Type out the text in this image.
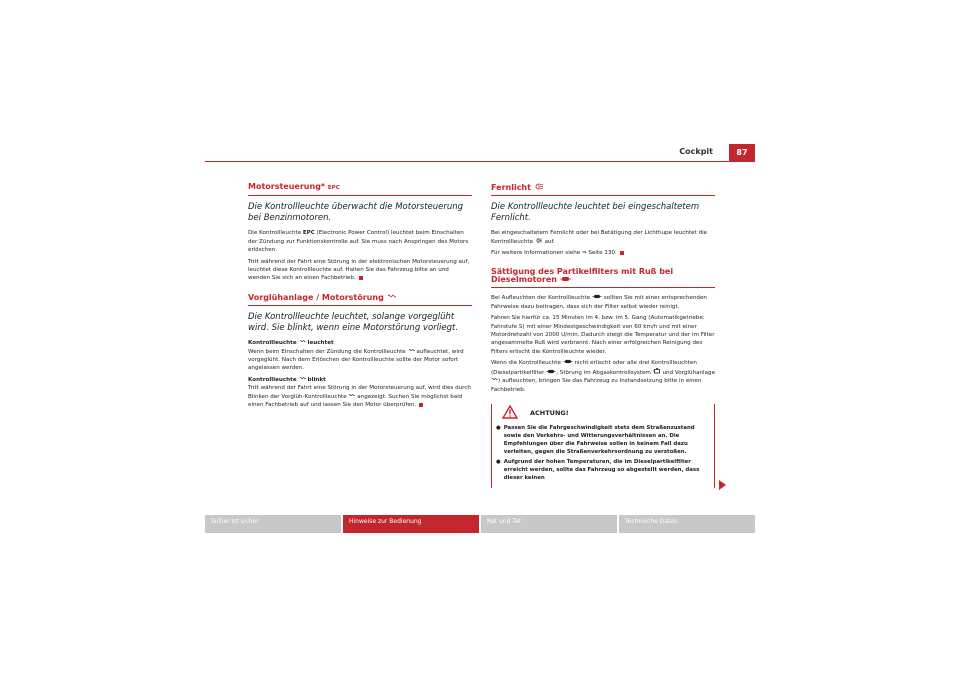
Cockpit	87
Motorsteuerung* EPC
Die Kontrollleuchte überwacht die Motorsteuerung bei Benzinmotoren.

Die Kontrollleuchte EPC (Electronic Power Control) leuchtet beim Einschalten der Zündung zur Funktionskontrolle auf. Sie muss nach Anspringen des Motors erlöschen.

Tritt während der Fahrt eine Störung in der elektronischen Motorsteuerung auf, leuchtet diese Kontrollleuchte auf. Halten Sie das Fahrzeug bitte an und wenden Sie sich an einen Fachbetrieb.

Vorglühanlage / Motorstörung
Die Kontrollleuchte leuchtet, solange vorgeglüht wird. Sie blinkt, wenn eine Motorstörung vorliegt.

Kontrollleuchte leuchtet

Wenn beim Einschalten der Zündung die Kontrollleuchte aufleuchtet, wird vorgeglüht. Nach dem Erlöschen der Kontrollleuchte sollte der Motor sofort angelassen werden.

Kontrollleuchte blinkt

Tritt während der Fahrt eine Störung in der Motorsteuerung auf, wird dies durch Blinken der Vorglüh-Kontrollleuchte angezeigt. Suchen Sie möglichst bald einen Fachbetrieb auf und lassen Sie den Motor überprüfen.

Fernlicht
Die Kontrollleuchte leuchtet bei eingeschaltetem Fernlicht.

Bei eingeschaltetem Fernlicht oder bei Betätigung der Lichthupe leuchtet die Kontrollleuchte auf.

Für weitere Informationen siehe ⇒ Seite 130.

Sättigung des Partikelfilters mit Ruß bei Dieselmotoren

Bei Aufleuchten der Kontrollleuchte sollten Sie mit einer entsprechenden Fahrweise dazu beitragen, dass sich der Filter selbst wieder reinigt.

Fahren Sie hierfür ca. 15 Minuten im 4. bzw. im 5. Gang (Automatikgetriebe: Fahrstufe S) mit einer Mindestgeschwindigkeit von 60 km/h und mit einer Motordrehzahl von 2000 U/min. Dadurch steigt die Temperatur und der im Filter angesammelte Ruß wird verbrannt. Nach einer erfolgreichen Reinigung des Filters erlischt die Kontrollleuchte wieder.

Wenn die Kontrollleuchte nicht erlischt oder alle drei Kontrollleuchten (Dieselpartikelfilter , Störung im Abgaskontrollsystem und Vorglühanlage ) aufleuchten, bringen Sie das Fahrzeug zu Instandsetzung bitte in einen Fachbetrieb.

ACHTUNG!
● Passen Sie die Fahrgeschwindigkeit stets dem Straßenzustand sowie den Verkehrs- und Witterungsverhältnissen an. Die Empfehlungen über die Fahrweise sollen in keinem Fall dazu verleiten, gegen die Straßenverkehrsordnung zu verstoßen.
● Aufgrund der hohen Temperaturen, die im Dieselpartikelfilter erreicht werden, sollte das Fahrzeug so abgestellt werden, dass dieser keinen
Sicher ist sicher	Hinweise zur Bedienung	Rat und Tat	Technische Daten
